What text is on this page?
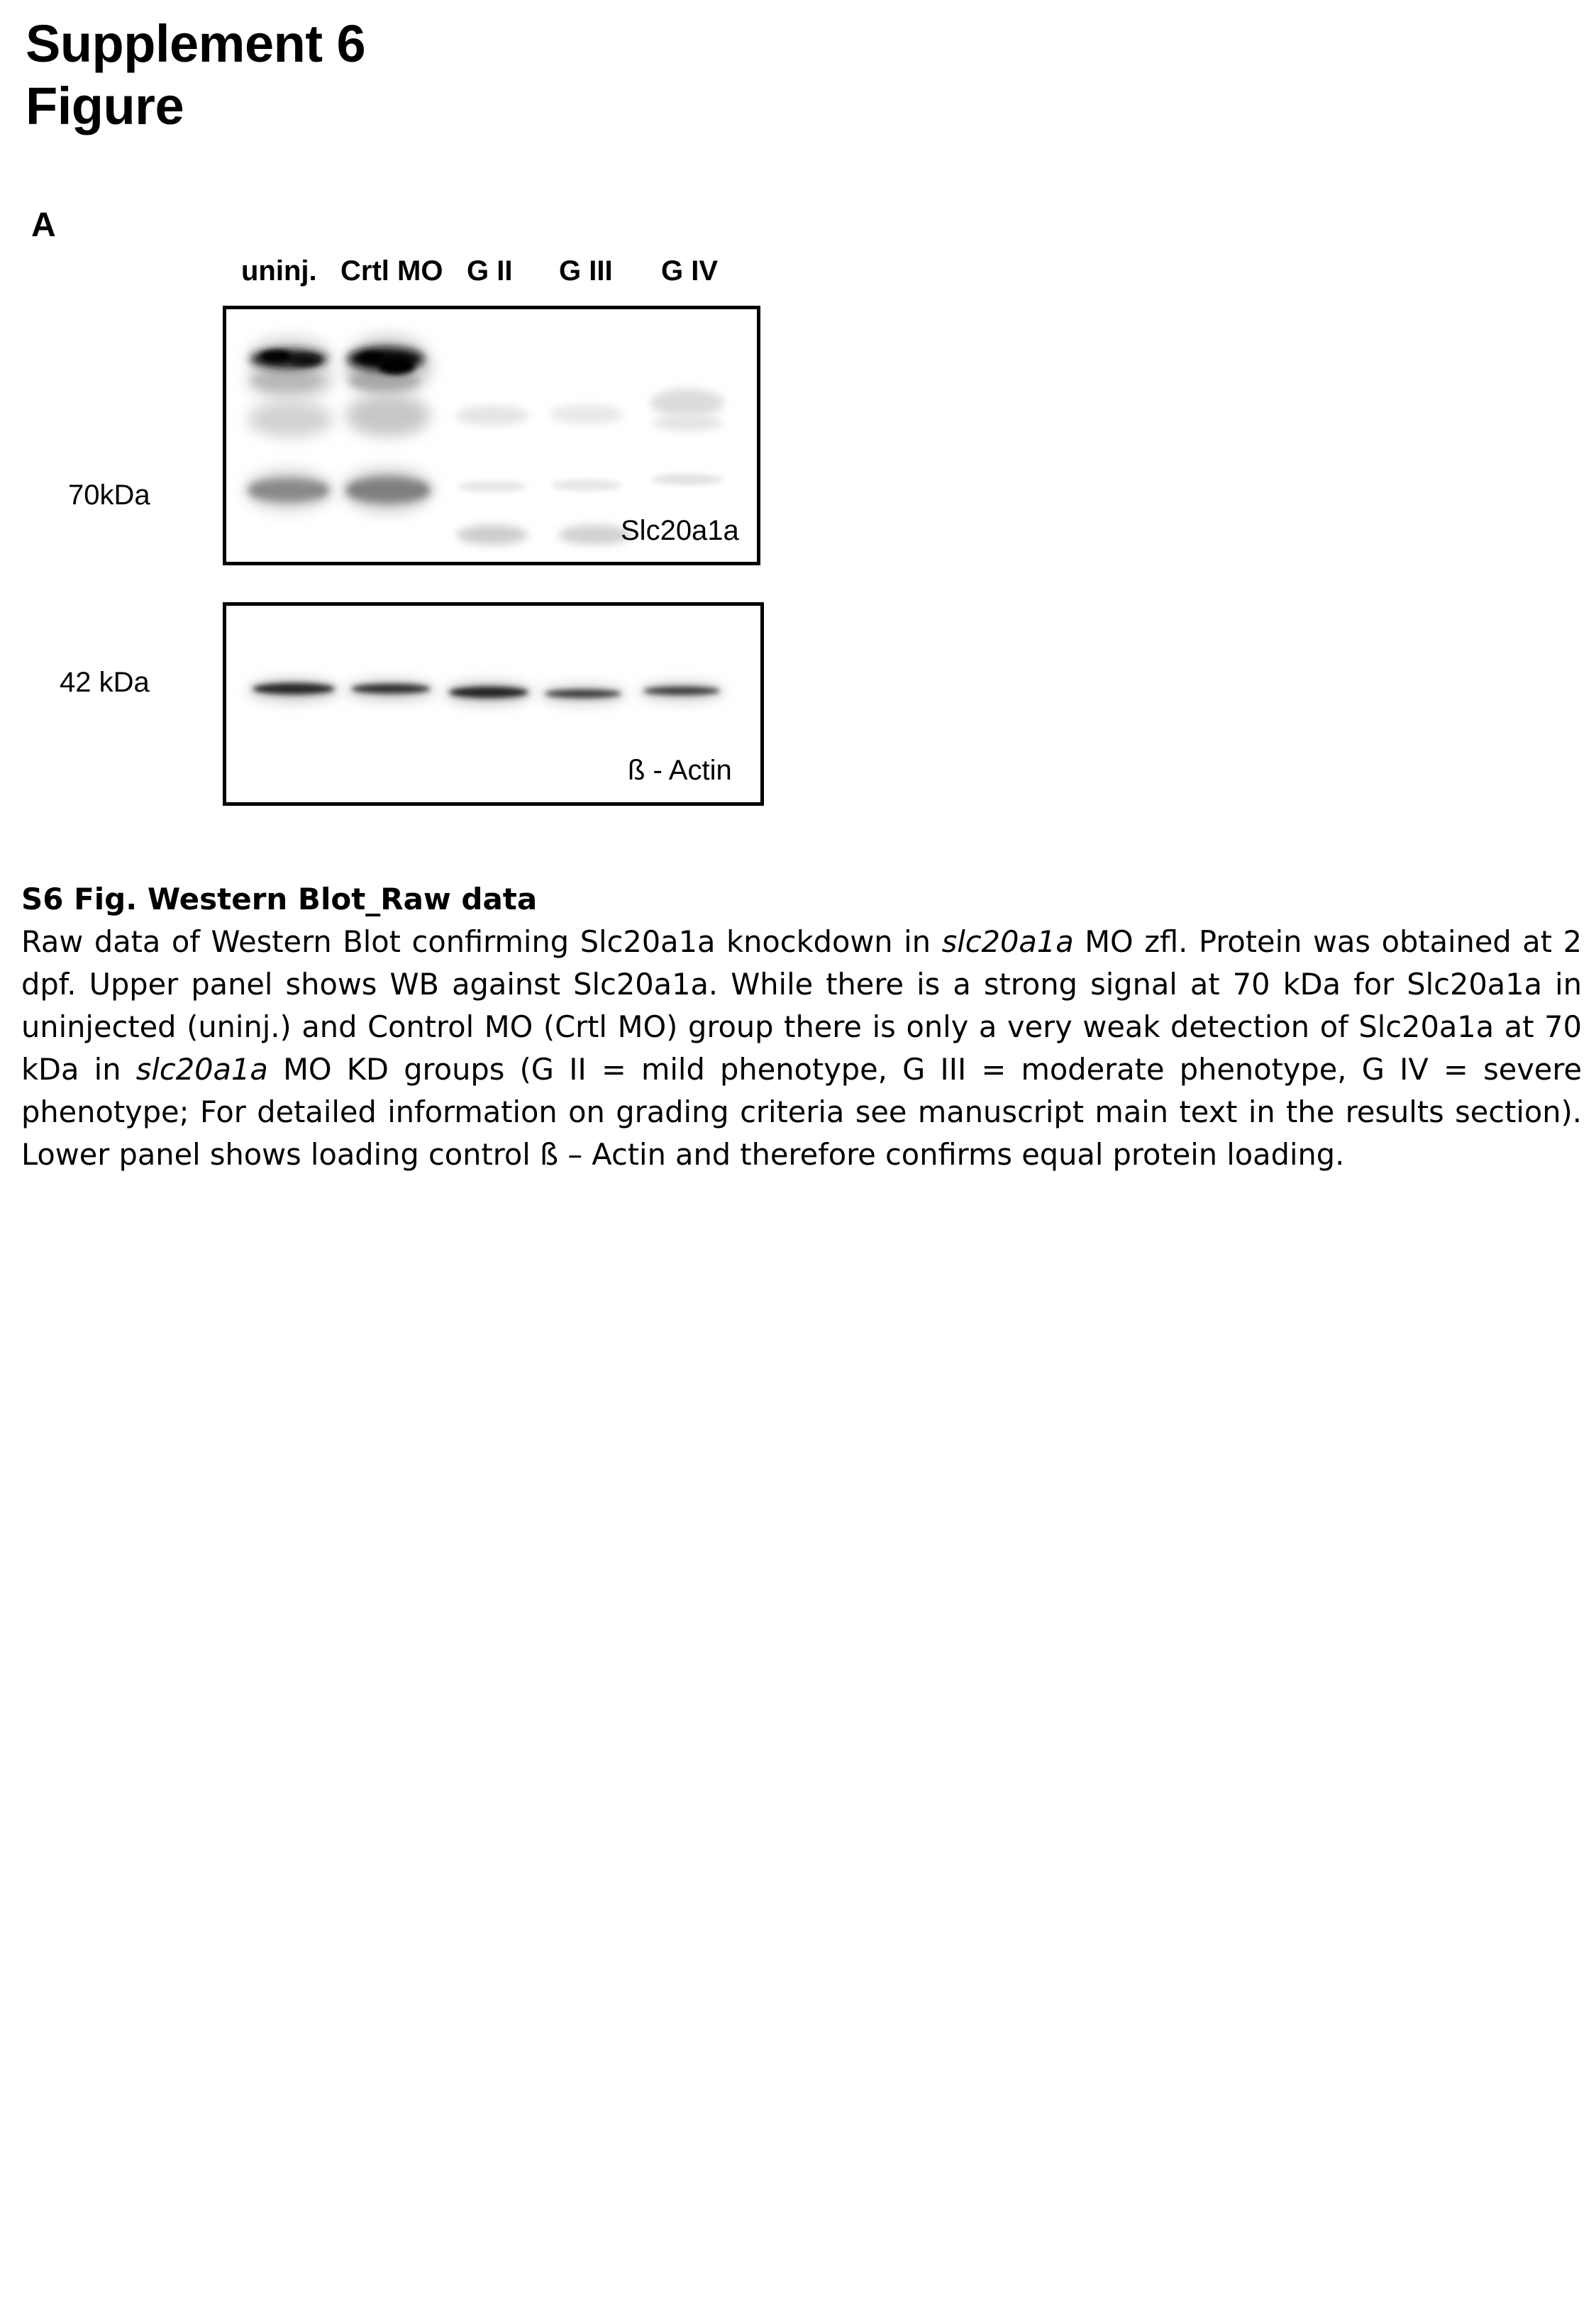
Supplement 6
Figure
A
uninj. Crtl MO G II G III G IV
70kDa
42 kDa
Slc20a1a
ß - Actin

S6 Fig. Western Blot_Raw data

Raw data of Western Blot confirming Slc20a1a knockdown in slc20a1a MO zfl. Protein was obtained at 2 dpf. Upper panel shows WB against Slc20a1a. While there is a strong signal at 70 kDa for Slc20a1a in uninjected (uninj.) and Control MO (Crtl MO) group there is only a very weak detection of Slc20a1a at 70 kDa in slc20a1a MO KD groups (G II = mild phenotype, G III = moderate phenotype, G IV = severe phenotype; For detailed information on grading criteria see manuscript main text in the results section). Lower panel shows loading control ß – Actin and therefore confirms equal protein loading.
